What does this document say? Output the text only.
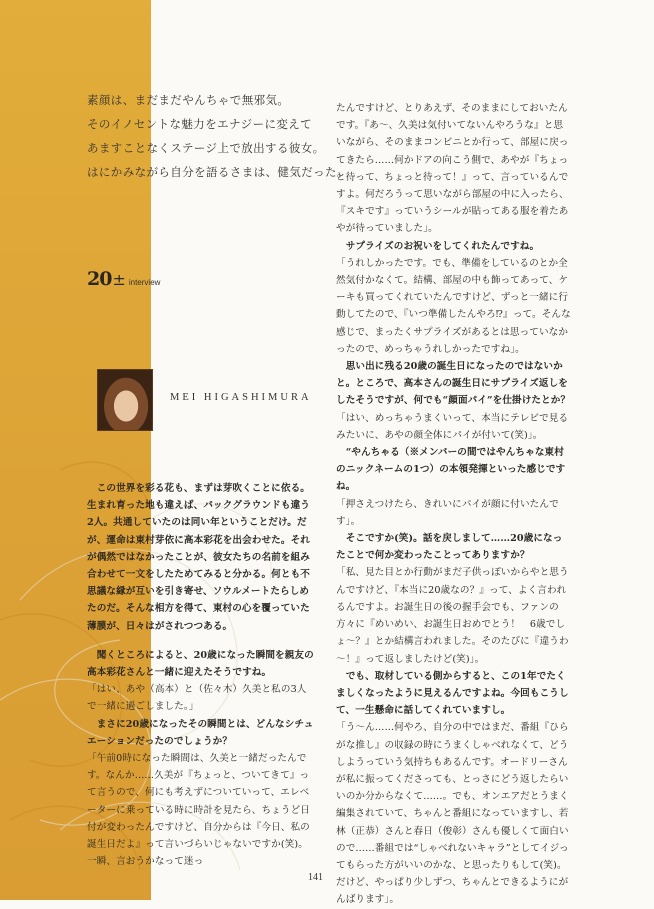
素顔は、まだまだやんちゃで無邪気。
そのイノセントな魅力をエナジーに変えて
あますことなくステージ上で放出する彼女。
はにかみながら自分を語るさまは、健気だった。
20 ± interview
MEI HIGASHIMURA

　この世界を彩る花も、まずは芽吹くことに依る。生まれ育った地も違えば、バックグラウンドも違う2人。共通していたのは同い年ということだけ。だが、運命は東村芽依に高本彩花を出会わせた。それが偶然ではなかったことが、彼女たちの名前を組み合わせて一文をしたためてみると分かる。何とも不思議な縁が互いを引き寄せ、ソウルメートたらしめたのだ。そんな相方を得て、東村の心を覆っていた薄膜が、日々はがされつつある。

　聞くところによると、20歳になった瞬間を親友の高本彩花さんと一緒に迎えたそうですね。

「はい、あや（高本）と（佐々木）久美と私の3人で一緒に過ごしました。」

　まさに20歳になったその瞬間とは、どんなシチュエーションだったのでしょうか？

「午前0時になった瞬間は、久美と一緒だったんです。なんか……久美が『ちょっと、ついてきて』って言うので、何にも考えずについていって、エレベーターに乗っている時に時計を見たら、ちょうど日付が変わったんですけど、自分からは『今日、私の誕生日だよ』って言いづらいじゃないですか(笑)。一瞬、言おうかなって迷っ

たんですけど、とりあえず、そのままにしておいたんです。『あ～、久美は気付いてないんやろうな』と思いながら、そのままコンビニとか行って、部屋に戻ってきたら……何かドアの向こう側で、あやが『ちょっと待って、ちょっと待って！』って、言っているんですよ。何だろうって思いながら部屋の中に入ったら、『スキです』っていうシールが貼ってある服を着たあやが待っていました」。

　サプライズのお祝いをしてくれたんですね。

「うれしかったです。でも、準備をしているのとか全然気付かなくて。結構、部屋の中も飾ってあって、ケーキも買ってくれていたんですけど、ずっと一緒に行動してたので、『いつ準備したんやろ⁉』って。そんな感じで、まったくサプライズがあるとは思っていなかったので、めっちゃうれしかったですね」。

　思い出に残る20歳の誕生日になったのではないかと。ところで、高本さんの誕生日にサプライズ返しをしたそうですが、何でも“顔面パイ”を仕掛けたとか？

「はい、めっちゃうまくいって、本当にテレビで見るみたいに、あやの顔全体にパイが付いて(笑)」。

　“やんちゃる（※メンバーの間ではやんちゃな東村のニックネームの1つ）の本領発揮といった感じですね。

「押さえつけたら、きれいにパイが顔に付いたんです」。

　そこですか(笑)。話を戻しまして……20歳になったことで何か変わったことってありますか？

「私、見た目とか行動がまだ子供っぽいからやと思うんですけど、『本当に20歳なの？』って、よく言われるんですよ。お誕生日の後の握手会でも、ファンの方々に『めいめい、お誕生日おめでとう！　6歳でしょ～？』とか結構言われました。そのたびに『違うわ～！』って返しましたけど(笑)」。

　でも、取材している側からすると、この1年でたくましくなったように見えるんですよね。今回もこうして、一生懸命に話してくれていますし。

「う～ん……何やろ、自分の中ではまだ、番組『ひらがな推し』の収録の時にうまくしゃべれなくて、どうしようっていう気持ちもあるんです。オードリーさんが私に振ってくださっても、とっさにどう返したらいいのか分からなくて……。でも、オンエアだとうまく編集されていて、ちゃんと番組になっていますし、若林（正恭）さんと春日（俊彰）さんも優しくて面白いので……番組では“しゃべれないキャラ”としてイジってもらった方がいいのかな、と思ったりもして(笑)。だけど、やっぱり少しずつ、ちゃんとできるようにがんばります」。

141
